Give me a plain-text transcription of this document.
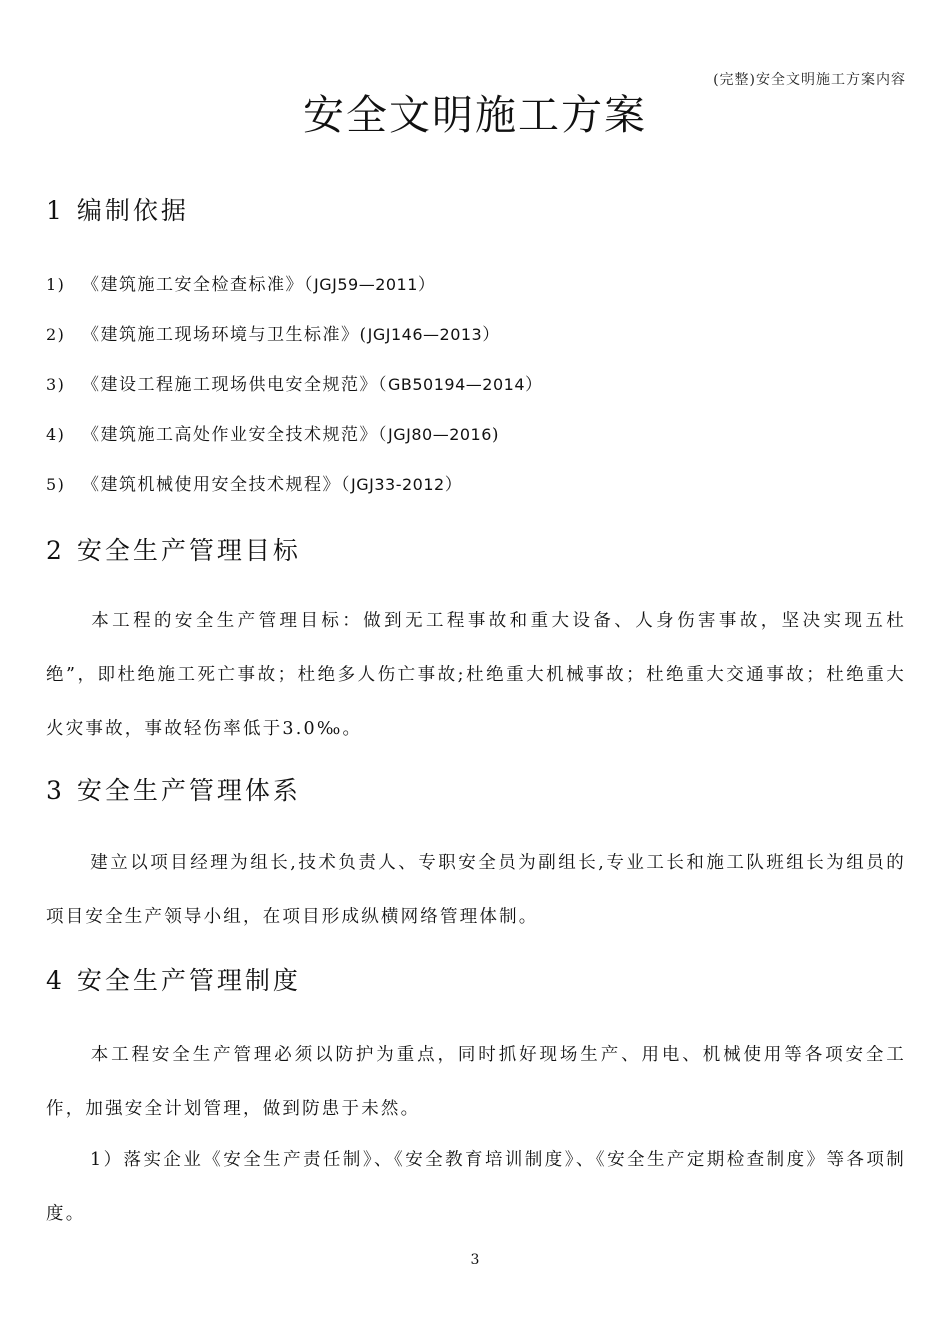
(完整)安全文明施工方案内容
安全文明施工方案
1 编制依据
1) 《建筑施工安全检查标准》（JGJ59—2011）
2) 《建筑施工现场环境与卫生标准》(JGJ146—2013）
3) 《建设工程施工现场供电安全规范》（GB50194—2014）
4) 《建筑施工高处作业安全技术规范》（JGJ80—2016)
5) 《建筑机械使用安全技术规程》（JGJ33-2012）
2 安全生产管理目标

本工程的安全生产管理目标：做到无工程事故和重大设备、人身伤害事故，坚决实现五杜绝”，即杜绝施工死亡事故；杜绝多人伤亡事故;杜绝重大机械事故；杜绝重大交通事故；杜绝重大火灾事故，事故轻伤率低于3.0‰。

3 安全生产管理体系

建立以项目经理为组长,技术负责人、专职安全员为副组长,专业工长和施工队班组长为组员的项目安全生产领导小组，在项目形成纵横网络管理体制。

4 安全生产管理制度

本工程安全生产管理必须以防护为重点，同时抓好现场生产、用电、机械使用等各项安全工作，加强安全计划管理，做到防患于未然。

1）落实企业《安全生产责任制》、《安全教育培训制度》、《安全生产定期检查制度》等各项制度。

3
